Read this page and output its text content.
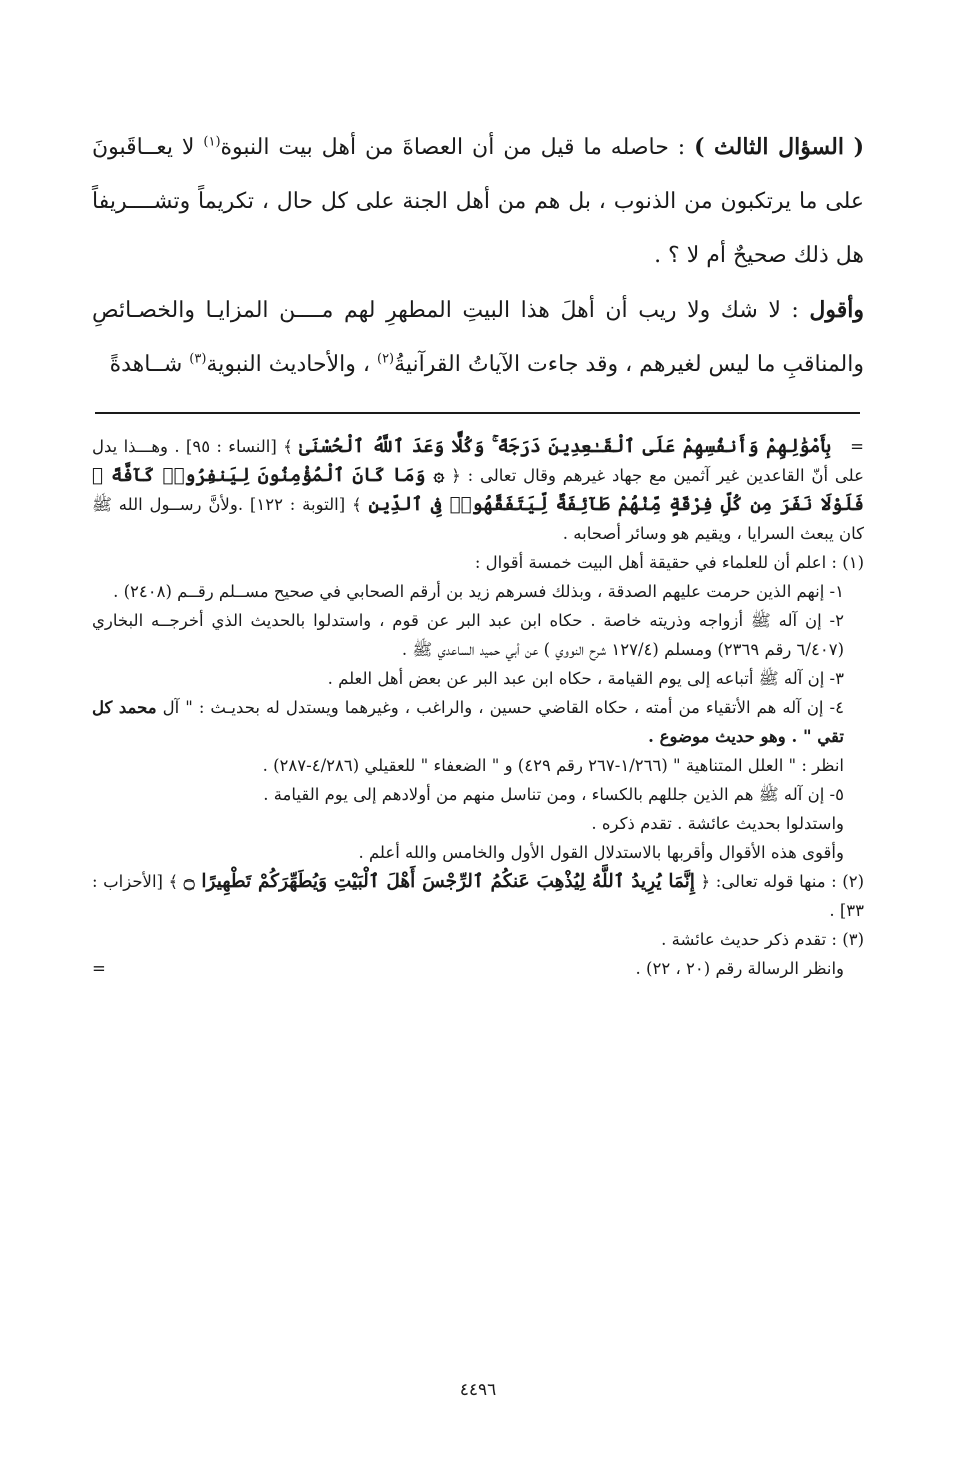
( السؤال الثالث ) : حاصله ما قيل من أن العصاةَ من أهل بيت النبوة$^{(١)}$ لا يعــاقَبونَ على ما يرتكبون من الذنوب ، بل هم من أهل الجنة على كل حال ، تكريماً وتشــــريفاً هل ذلك صحيحٌ أم لا ؟ .

وأقول : لا شك ولا ريب أن أهلَ هذا البيتِ المطهرِ لهم مــــن المزايـا والخصـائصِ والمناقبِ ما ليس لغيرهم ، وقد جاءت الآياتُ القرآنيةُ$^{(٢)}$ ، والأحاديث النبوية$^{(٣)}$ شــاهدةً

=   بِأَمْوَٰلِهِمْ وَأَنفُسِهِمْ عَلَى ٱلْقَـٰعِدِينَ دَرَجَةً ۚ وَكُلًّا وَعَدَ ٱللَّهُ ٱلْحُسْنَىٰ ﴾ [النساء : ٩٥] . وهـــذا يدل على أنّ القاعدين غير آثمين مع جهاد غيرهم وقال تعالى : ﴿ ۞ وَمَا كَانَ ٱلْمُؤْمِنُونَ لِيَنفِرُوا۟ كَآفَّةً ۚ فَلَوْلَا نَفَرَ مِن كُلِّ فِرْقَةٍ مِّنْهُمْ طَآئِفَةٌ لِّيَتَفَقَّهُوا۟ فِى ٱلدِّينِ ﴾ [التوبة : ١٢٢] .ولأنَّ رســول الله ﷺ كان يبعث السرايا ، ويقيم هو وسائر أصحابه .

(١) : اعلم أن للعلماء في حقيقة أهل البيت خمسة أقوال :

١- إنهم الذين حرمت عليهم الصدقة ، وبذلك فسرهم زيد بن أرقم الصحابي في صحيح مســلم رقــم (٢٤٠٨) .

٢- إن آله ﷺ أزواجه وذريته خاصة . حكاه ابن عبد البر عن قوم ، واستدلوا بالحديث الذي أخرجــه البخاري (٦/٤٠٧ رقم ٢٣٦٩) ومسلم (١٢٧/٤ شرح النووي ) عن أبي حميد الساعدي ﷺ .

٣- إن آله ﷺ أتباعه إلى يوم القيامة ، حكاه ابن عبد البر عن بعض أهل العلم .

٤- إن آله هم الأتقياء من أمته ، حكاه القاضي حسين ، والراغب ، وغيرهما ويستدل له بحديـث : " آل محمد كل تقي " . وهو حديث موضوع .

انظر : " العلل المتناهية " (١/٢٦٦-٢٦٧ رقم ٤٢٩) و " الضعفاء " للعقيلي (٤/٢٨٦-٢٨٧) .

٥- إن آله ﷺ هم الذين جللهم بالكساء ، ومن تناسل منهم من أولادهم إلى يوم القيامة .

واستدلوا بحديث عائشة . تقدم ذكره .

وأقوى هذه الأقوال وأقربها بالاستدلال القول الأول والخامس والله أعلم .

(٢) : منها قوله تعالى: ﴿ إِنَّمَا يُرِيدُ ٱللَّهُ لِيُذْهِبَ عَنكُمُ ٱلرِّجْسَ أَهْلَ ٱلْبَيْتِ وَيُطَهِّرَكُمْ تَطْهِيرًا ۝ ﴾ [الأحزاب : ٣٣] .

(٣) : تقدم ذكر حديث عائشة .

وانظر الرسالة رقم (٢٠ ، ٢٢) .
=

٤٤٩٦
